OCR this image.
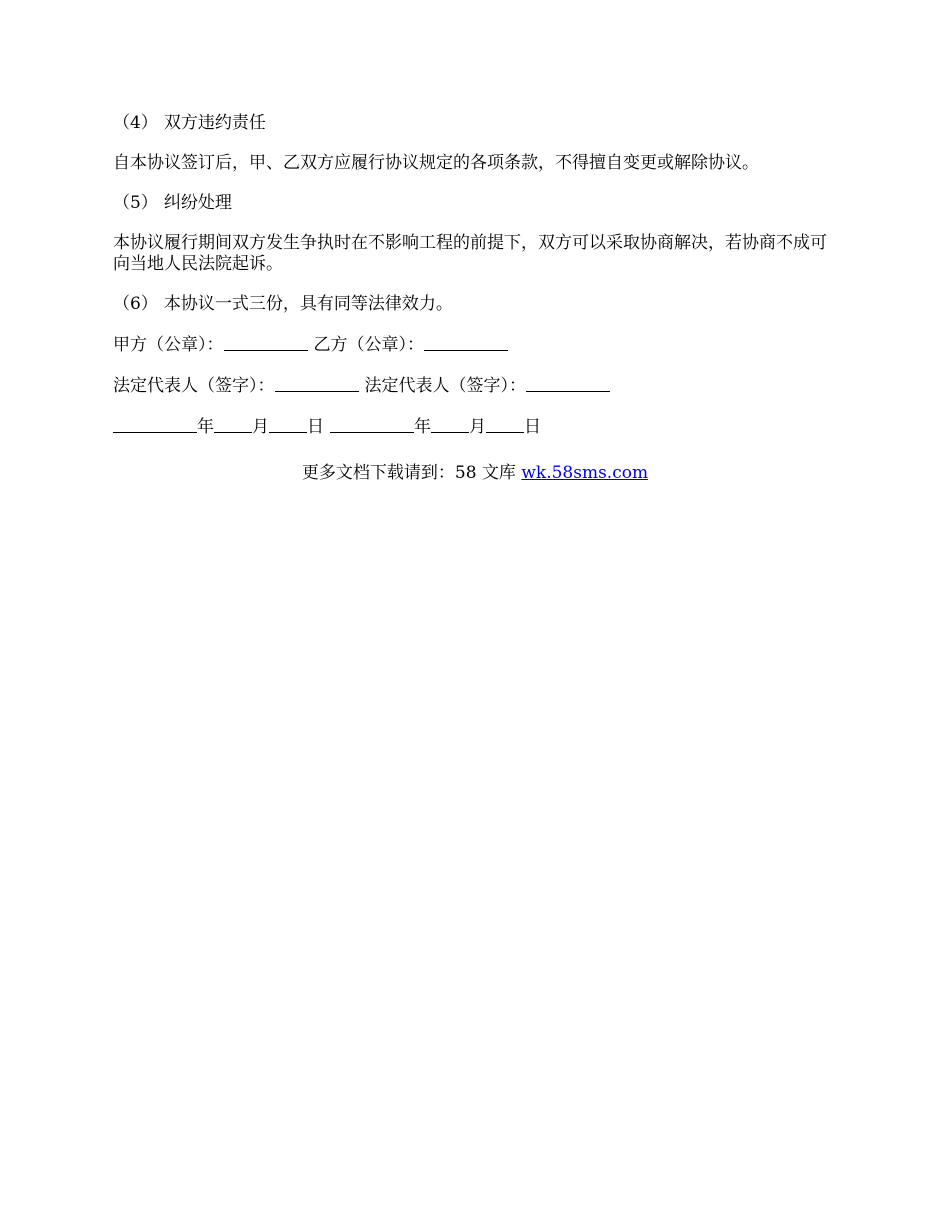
（4） 双方违约责任

自本协议签订后，甲、乙双方应履行协议规定的各项条款，不得擅自变更或解除协议。

（5） 纠纷处理

本协议履行期间双方发生争执时在不影响工程的前提下，双方可以采取协商解决，若协商不成可向当地人民法院起诉。

（6） 本协议一式三份，具有同等法律效力。

甲方（公章）：	乙方（公章）：

法定代表人（签字）：	法定代表人（签字）：

年 月 日	年 月 日

更多文档下载请到：58 文库 wk.58sms.com
